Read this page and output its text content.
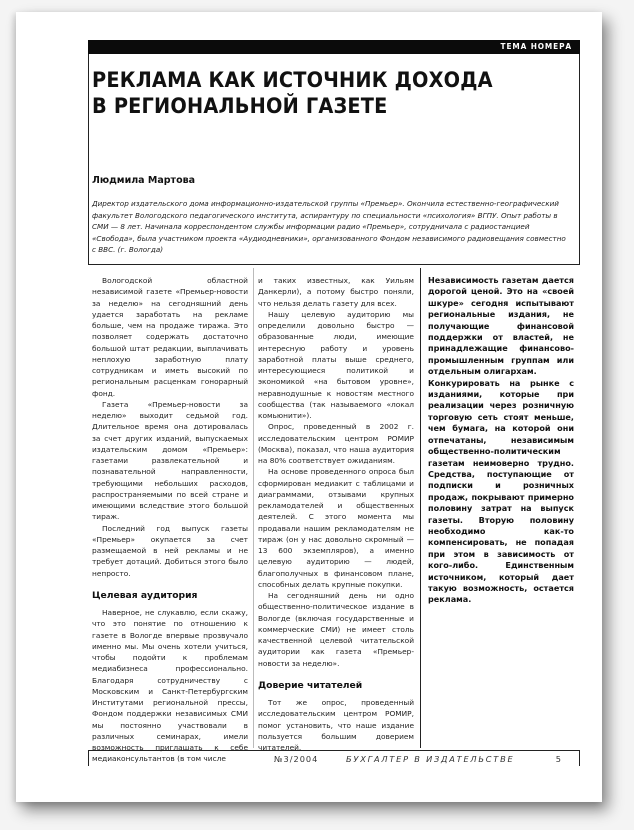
ТЕМА НОМЕРА
РЕКЛАМА КАК ИСТОЧНИК ДОХОДА
В РЕГИОНАЛЬНОЙ ГАЗЕТЕ
Людмила Мартова
Директор издательского дома информационно-издательской группы «Премьер». Окончила естественно-географический факультет Вологодского педагогического института, аспирантуру по специальности «психология» ВГПУ. Опыт работы в СМИ — 8 лет. Начинала корреспондентом службы информации радио «Премьер», сотрудничала с радиостанцией «Свобода», была участником проекта «Аудиодневники», организованного Фондом независимого радиовещания совместно с ВВС. (г. Вологда)

Вологодской областной независимой газете «Премьер-новости за неделю» на сегодняшний день удается заработать на рекламе больше, чем на продаже тиража. Это позволяет содержать достаточно большой штат редакции, выплачивать неплохую заработную плату сотрудникам и иметь высокий по региональным расценкам гонорарный фонд.

Газета «Премьер-новости за неделю» выходит седьмой год. Длительное время она дотировалась за счет других изданий, выпускаемых издательским домом «Премьер»: газетами развлекательной и познавательной направленности, требующими небольших расходов, распространяемыми по всей стране и имеющими вследствие этого большой тираж.

Последний год выпуск газеты «Премьер» окупается за счет размещаемой в ней рекламы и не требует дотаций. Добиться этого было непросто.

Целевая аудитория

Наверное, не слукавлю, если скажу, что это понятие по отношению к газете в Вологде впервые прозвучало именно мы. Мы очень хотели учиться, чтобы подойти к проблемам медиабизнеса профессионально. Благодаря сотрудничеству с Московским и Санкт-Петербургским Институтами региональной прессы, Фондом поддержки независимых СМИ мы постоянно участвовали в различных семинарах, имели возможность приглашать к себе медиаконсультантов (в том числе

и таких известных, как Уильям Данкерли), а потому быстро поняли, что нельзя делать газету для всех.

Нашу целевую аудиторию мы определили довольно быстро — образованные люди, имеющие интересную работу и уровень заработной платы выше среднего, интересующиеся политикой и экономикой «на бытовом уровне», неравнодушные к новостям местного сообщества (так называемого «локал комьюнити»).

Опрос, проведенный в 2002 г. исследовательским центром РОМИР (Москва), показал, что наша аудитория на 80% соответствует ожиданиям.

На основе проведенного опроса был сформирован медиакит с таблицами и диаграммами, отзывами крупных рекламодателей и общественных деятелей. С этого момента мы продавали нашим рекламодателям не тираж (он у нас довольно скромный — 13 600 экземпляров), а именно целевую аудиторию — людей, благополучных в финансовом плане, способных делать крупные покупки.

На сегодняшний день ни одно общественно-политическое издание в Вологде (включая государственные и коммерческие СМИ) не имеет столь качественной целевой читательской аудитории как газета «Премьер-новости за неделю».

Доверие читателей

Тот же опрос, проведенный исследовательским центром РОМИР, помог установить, что наше издание пользуется большим доверием читателей.

Независимость газетам дается дорогой ценой. Это на «своей шкуре» сегодня испытывают региональные издания, не получающие финансовой поддержки от властей, не принадлежащие финансово-промышленным группам или отдельным олигархам.

Конкурировать на рынке с изданиями, которые при реализации через розничную торговую сеть стоят меньше, чем бумага, на которой они отпечатаны, независимым общественно-политическим газетам неимоверно трудно. Средства, поступающие от подписки и розничных продаж, покрывают примерно половину затрат на выпуск газеты. Вторую половину необходимо как-то компенсировать, не попадая при этом в зависимость от кого-либо. Единственным источником, который дает такую возможность, остается реклама.

№3/2004	БУХГАЛТЕР В ИЗДАТЕЛЬСТВЕ	5
